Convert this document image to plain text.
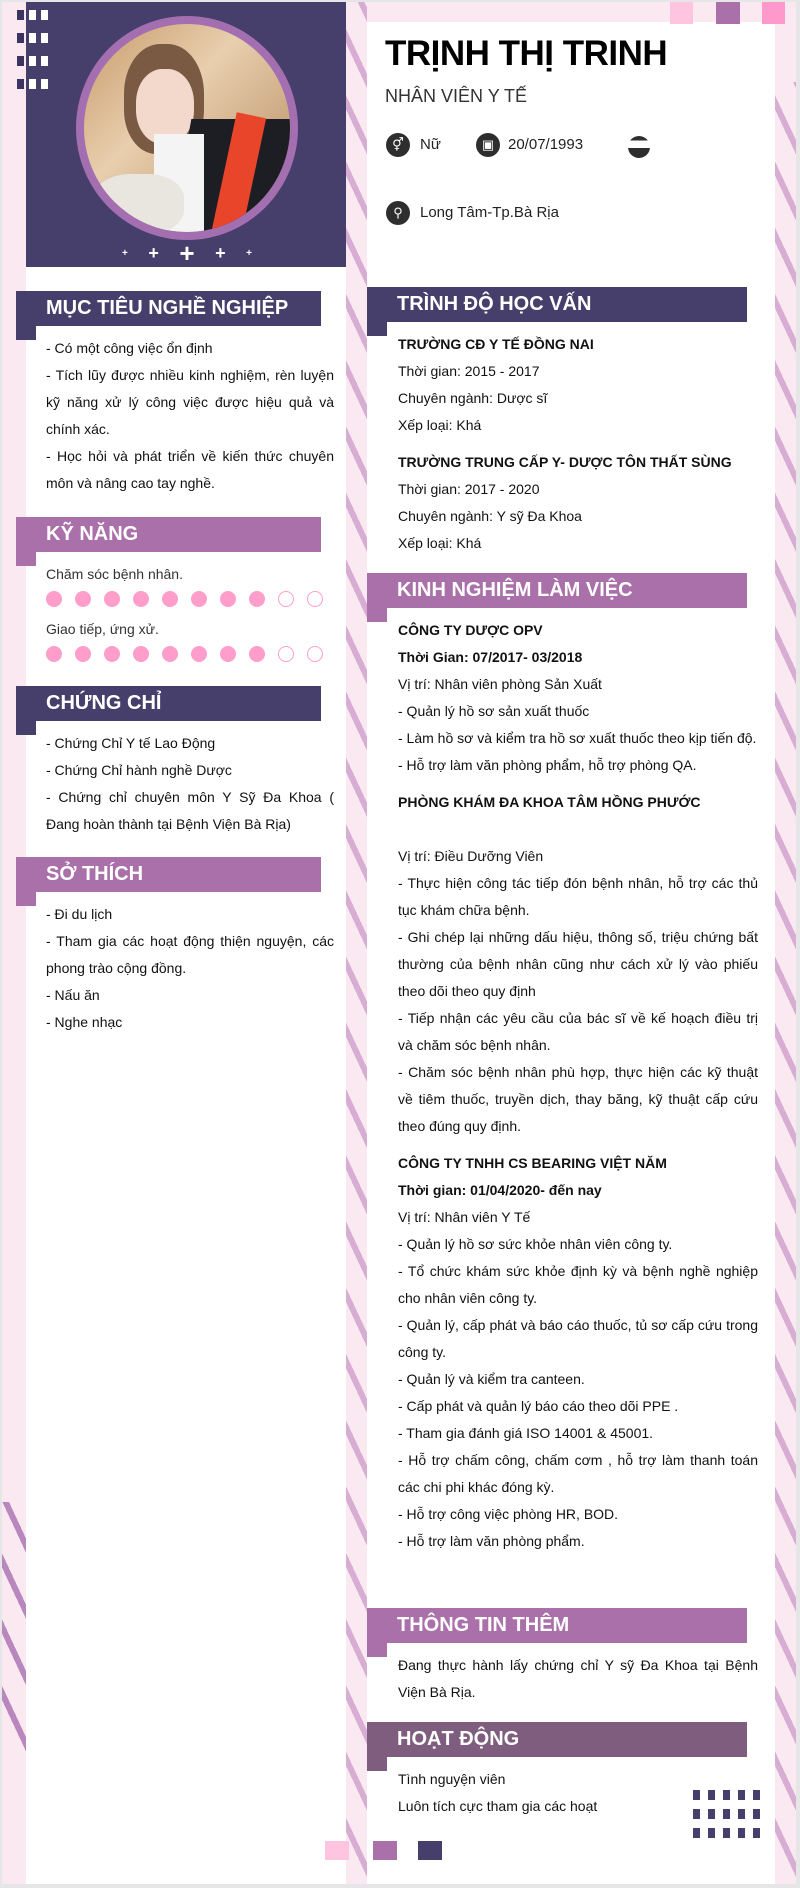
+ + + + +
TRỊNH THỊ TRINH
NHÂN VIÊN Y TẾ
⚥	Nữ	▣ 20/07/1993
⚲	Long Tâm-Tp.Bà Rịa
MỤC TIÊU NGHỀ NGHIỆP
- Có một công việc ổn định
- Tích lũy được nhiều kinh nghiệm, rèn luyện kỹ năng xử lý công việc được hiệu quả và chính xác.
- Học hỏi và phát triển về kiến thức chuyên môn và nâng cao tay nghề.
KỸ NĂNG
Chăm sóc bệnh nhân.
Giao tiếp, ứng xử.
CHỨNG CHỈ
- Chứng Chỉ Y tế Lao Động
- Chứng Chỉ hành nghề Dược
- Chứng chỉ chuyên môn Y Sỹ Đa Khoa ( Đang hoàn thành tại Bệnh Viện Bà Rịa)
SỞ THÍCH
- Đi du lịch
- Tham gia các hoạt động thiện nguyện, các phong trào cộng đồng.
- Nấu ăn
- Nghe nhạc
TRÌNH ĐỘ HỌC VẤN
TRƯỜNG CĐ Y TẾ ĐỒNG NAI
Thời gian: 2015 - 2017
Chuyên ngành: Dược sĩ
Xếp loại: Khá
TRƯỜNG TRUNG CẤP Y- DƯỢC TÔN THẤT SÙNG
Thời gian: 2017 - 2020
Chuyên ngành: Y sỹ Đa Khoa
Xếp loại: Khá
KINH NGHIỆM LÀM VIỆC
CÔNG TY DƯỢC OPV
Thời Gian: 07/2017- 03/2018
Vị trí: Nhân viên phòng Sản Xuất
- Quản lý hồ sơ sản xuất thuốc
- Làm hồ sơ và kiểm tra hồ sơ xuất thuốc theo kịp tiến độ.
- Hỗ trợ làm văn phòng phẩm, hỗ trợ phòng QA.
PHÒNG KHÁM ĐA KHOA TÂM HỒNG PHƯỚC
Vị trí: Điều Dưỡng Viên
- Thực hiện công tác tiếp đón bệnh nhân, hỗ trợ các thủ tục khám chữa bệnh.
- Ghi chép lại những dấu hiệu, thông số, triệu chứng bất thường của bệnh nhân cũng như cách xử lý vào phiếu theo dõi theo quy định
- Tiếp nhận các yêu cầu của bác sĩ về kế hoạch điều trị và chăm sóc bệnh nhân.
- Chăm sóc bệnh nhân phù hợp, thực hiện các kỹ thuật về tiêm thuốc, truyền dịch, thay băng, kỹ thuật cấp cứu theo đúng quy định.
CÔNG TY TNHH CS BEARING VIỆT NĂM
Thời gian: 01/04/2020- đến nay
Vị trí: Nhân viên Y Tế
- Quản lý hồ sơ sức khỏe nhân viên công ty.
- Tổ chức khám sức khỏe định kỳ và bệnh nghề nghiệp cho nhân viên công ty.
- Quản lý, cấp phát và báo cáo thuốc, tủ sơ cấp cứu trong công ty.
- Quản lý và kiểm tra canteen.
- Cấp phát và quản lý báo cáo theo dõi PPE .
- Tham gia đánh giá ISO 14001 & 45001.
- Hỗ trợ chấm công, chấm cơm , hỗ trợ làm thanh toán các chi phi khác đóng kỳ.
- Hỗ trợ công việc phòng HR, BOD.
- Hỗ trợ làm văn phòng phẩm.
THÔNG TIN THÊM
Đang thực hành lấy chứng chỉ Y sỹ Đa Khoa tại Bệnh Viện Bà Rịa.
HOẠT ĐỘNG
Tình nguyện viên
Luôn tích cực tham gia các hoạt
